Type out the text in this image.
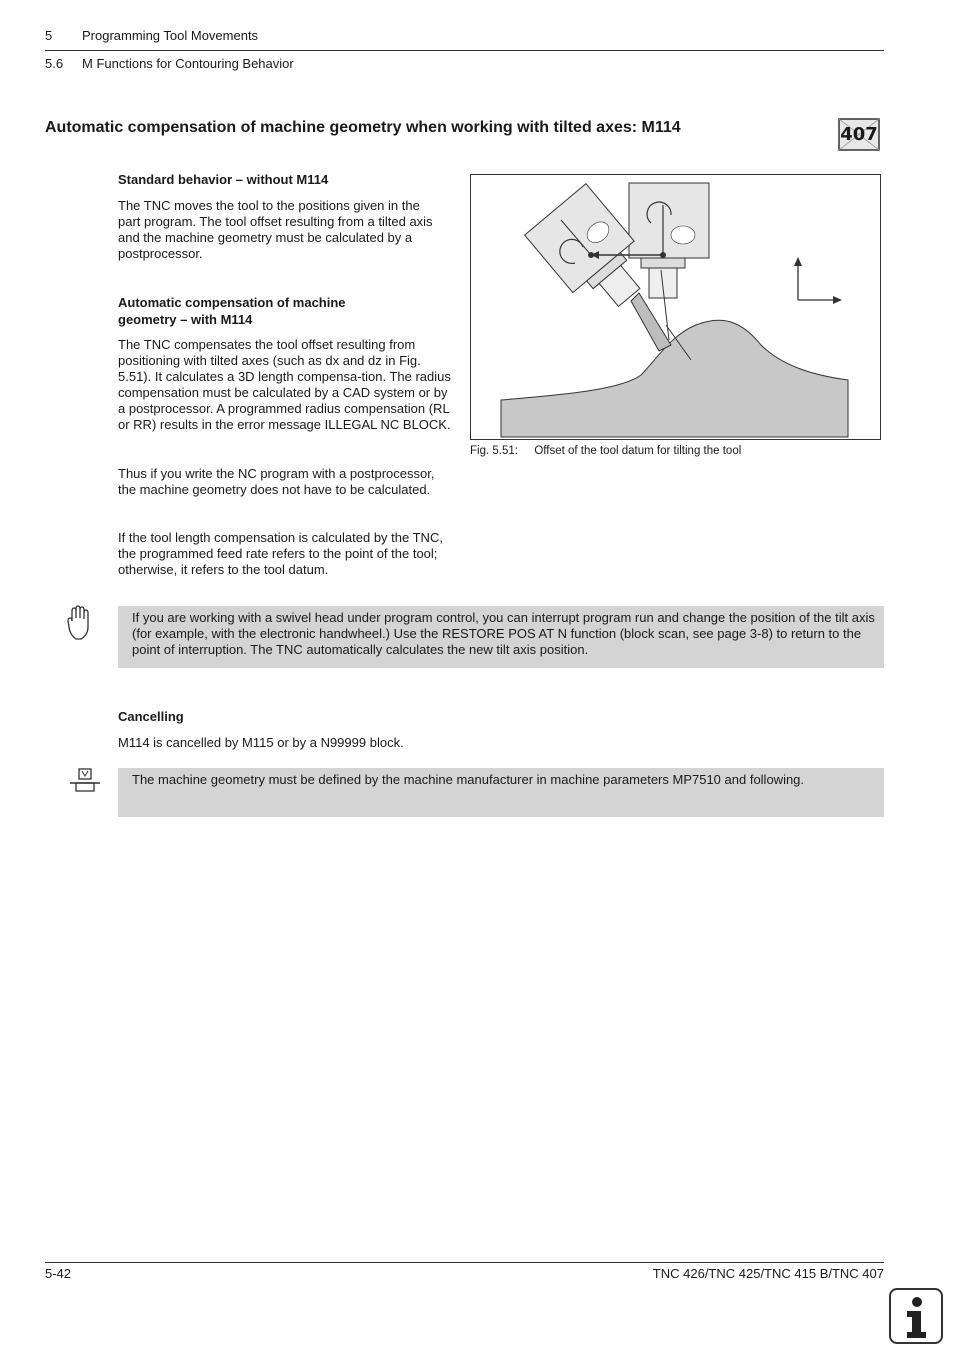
5 Programming Tool Movements
5.6 M Functions for Contouring Behavior
Automatic compensation of machine geometry when working with tilted axes: M114	407
Standard behavior – without M114
The TNC moves the tool to the positions given in the part program. The tool offset resulting from a tilted axis and the machine geometry must be calculated by a postprocessor.
Automatic compensation of machine
geometry – with M114
The TNC compensates the tool offset resulting from positioning with tilted axes (such as dx and dz in Fig. 5.51). It calculates a 3D length compensa-tion. The radius compensation must be calculated by a CAD system or by a postprocessor. A programmed radius compensation (RL or RR) results in the error message ILLEGAL NC BLOCK.
Thus if you write the NC program with a postprocessor, the machine geometry does not have to be calculated.
If the tool length compensation is calculated by the TNC, the programmed feed rate refers to the point of the tool; otherwise, it refers to the tool datum.
Fig. 5.51: Offset of the tool datum for tilting the tool
If you are working with a swivel head under program control, you can interrupt program run and change the position of the tilt axis (for example, with the electronic handwheel.) Use the RESTORE POS AT N function (block scan, see page 3-8) to return to the point of interruption. The TNC automatically calculates the new tilt axis position.
Cancelling
M114 is cancelled by M115 or by a N99999 block.
The machine geometry must be defined by the machine manufacturer in machine parameters MP7510 and following.
5-42	TNC 426/TNC 425/TNC 415 B/TNC 407
